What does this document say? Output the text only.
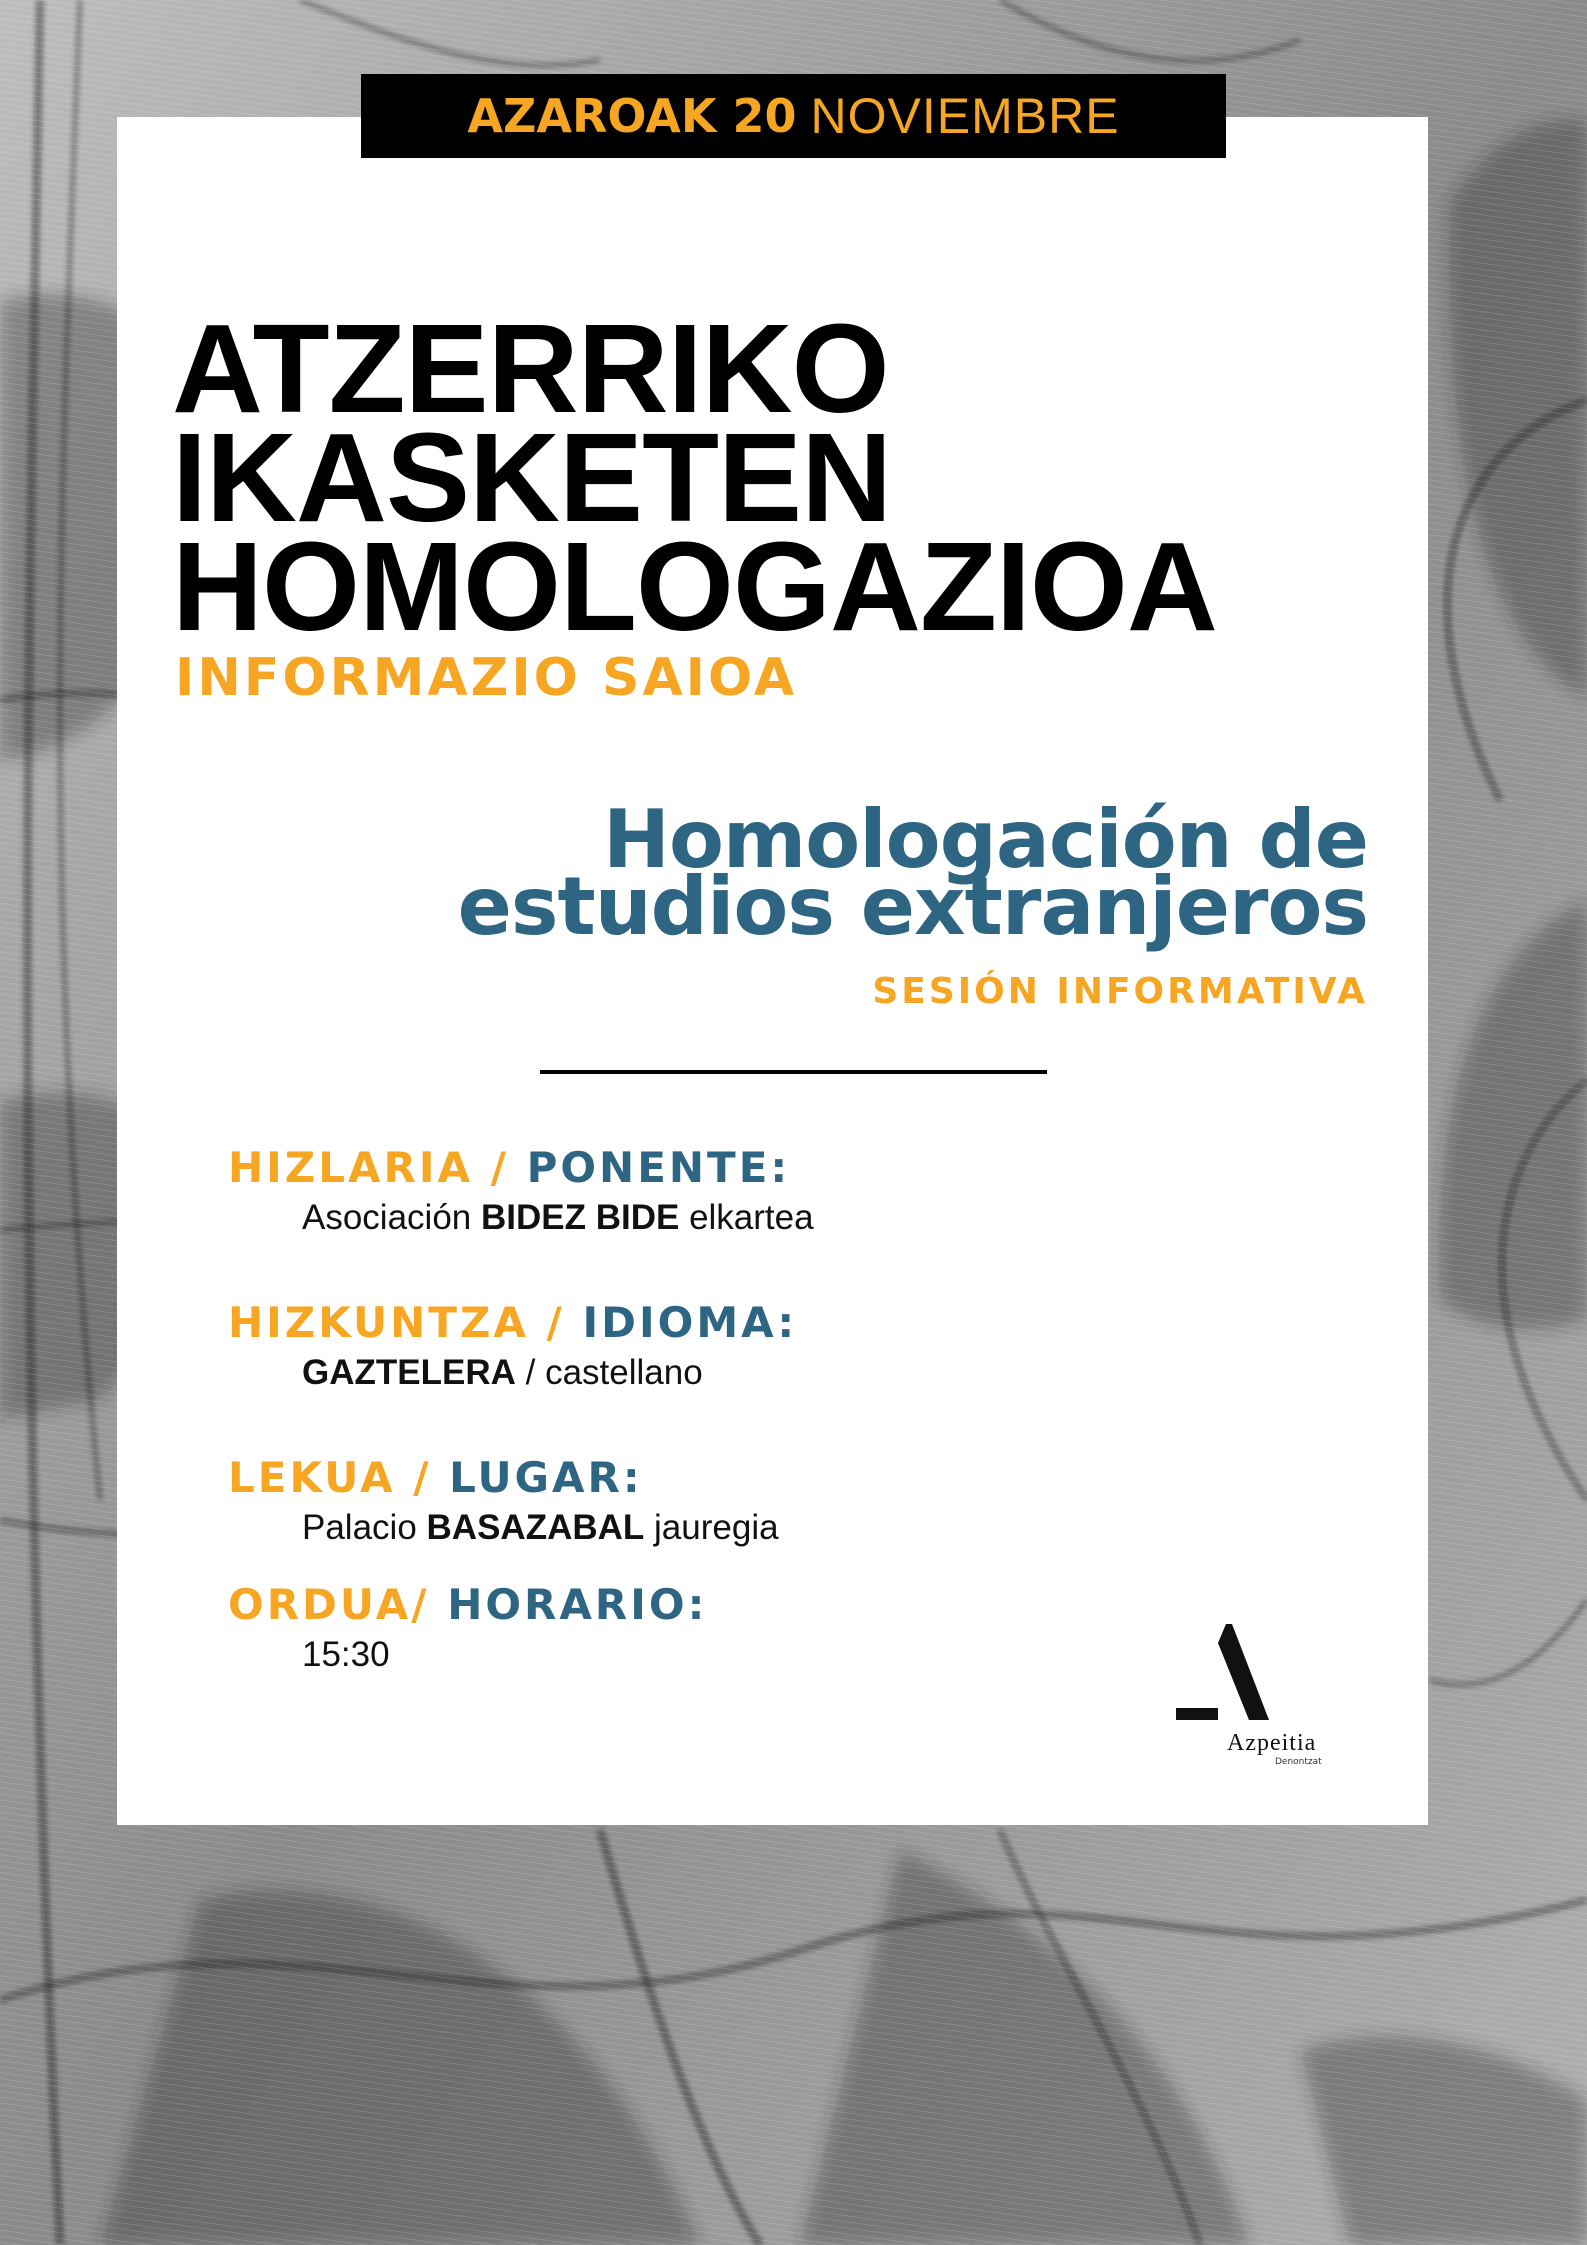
AZAROAK 20 NOVIEMBRE
ATZERRIKO
IKASKETEN
HOMOLOGAZIOA
INFORMAZIO SAIOA
Homologación de
estudios extranjeros
SESIÓN INFORMATIVA
HIZLARIA / PONENTE:
Asociación BIDEZ BIDE elkartea
HIZKUNTZA / IDIOMA:
GAZTELERA / castellano
LEKUA / LUGAR:
Palacio BASAZABAL jauregia
ORDUA/ HORARIO:
15:30
Azpeitia
Denontzat
